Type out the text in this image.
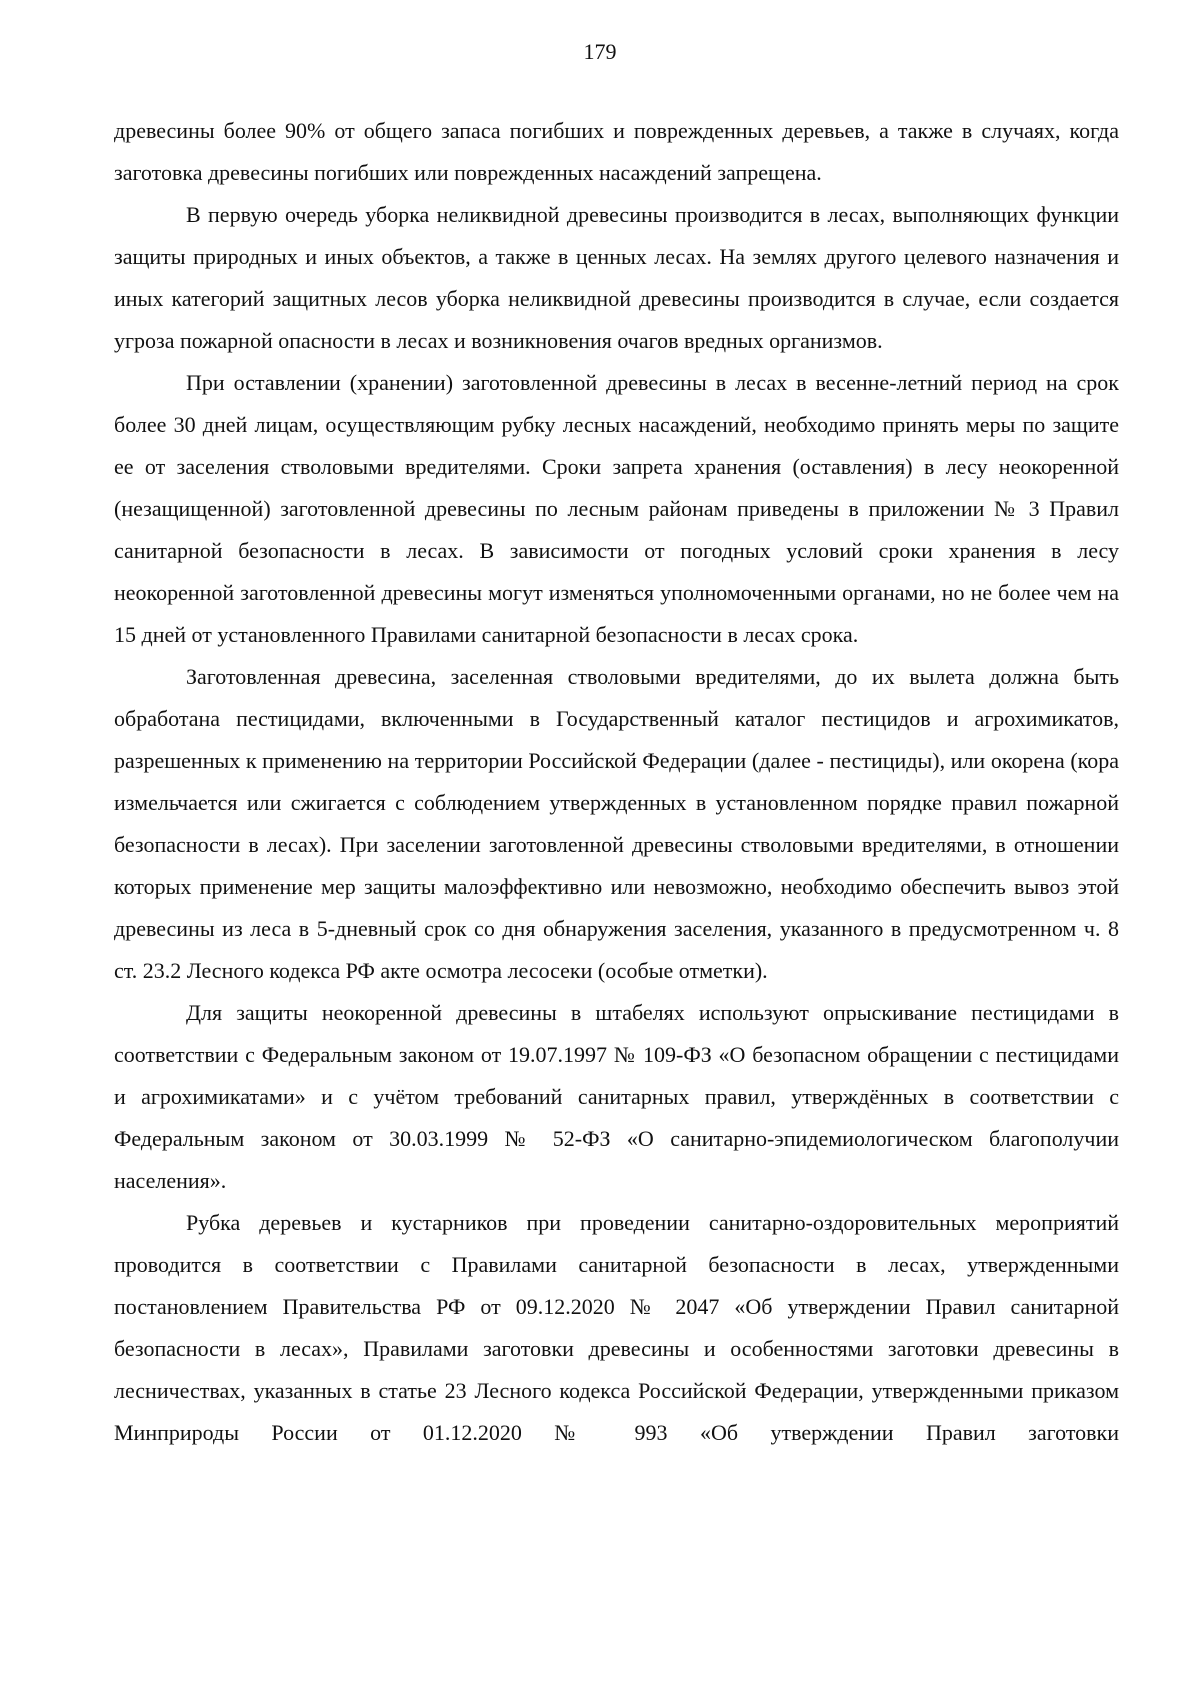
179

древесины более 90% от общего запаса погибших и поврежденных деревьев, а также в случаях, когда заготовка древесины погибших или поврежденных насаждений запрещена.

В первую очередь уборка неликвидной древесины производится в лесах, выполняющих функции защиты природных и иных объектов, а также в ценных лесах. На землях другого целевого назначения и иных категорий защитных лесов уборка неликвидной древесины производится в случае, если создается угроза пожарной опасности в лесах и возникновения очагов вредных организмов.

При оставлении (хранении) заготовленной древесины в лесах в весенне-летний период на срок более 30 дней лицам, осуществляющим рубку лесных насаждений, необходимо принять меры по защите ее от заселения стволовыми вредителями. Сроки запрета хранения (оставления) в лесу неокоренной (незащищенной) заготовленной древесины по лесным районам приведены в приложении № 3 Правил санитарной безопасности в лесах. В зависимости от погодных условий сроки хранения в лесу неокоренной заготовленной древесины могут изменяться уполномоченными органами, но не более чем на 15 дней от установленного Правилами санитарной безопасности в лесах срока.

Заготовленная древесина, заселенная стволовыми вредителями, до их вылета должна быть обработана пестицидами, включенными в Государственный каталог пестицидов и агрохимикатов, разрешенных к применению на территории Российской Федерации (далее - пестициды), или окорена (кора измельчается или сжигается с соблюдением утвержденных в установленном порядке правил пожарной безопасности в лесах). При заселении заготовленной древесины стволовыми вредителями, в отношении которых применение мер защиты малоэффективно или невозможно, необходимо обеспечить вывоз этой древесины из леса в 5-дневный срок со дня обнаружения заселения, указанного в предусмотренном ч. 8 ст. 23.2 Лесного кодекса РФ акте осмотра лесосеки (особые отметки).

Для защиты неокоренной древесины в штабелях используют опрыскивание пестицидами в соответствии с Федеральным законом от 19.07.1997 № 109-ФЗ «О безопасном обращении с пестицидами и агрохимикатами» и с учётом требований санитарных правил, утверждённых в соответствии с Федеральным законом от 30.03.1999 № 52-ФЗ «О санитарно-эпидемиологическом благополучии населения».

Рубка деревьев и кустарников при проведении санитарно-оздоровительных мероприятий проводится в соответствии с Правилами санитарной безопасности в лесах, утвержденными постановлением Правительства РФ от 09.12.2020 № 2047 «Об утверждении Правил санитарной безопасности в лесах», Правилами заготовки древесины и особенностями заготовки древесины в лесничествах, указанных в статье 23 Лесного кодекса Российской Федерации, утвержденными приказом Минприроды России от 01.12.2020 № 993 «Об утверждении Правил заготовки
